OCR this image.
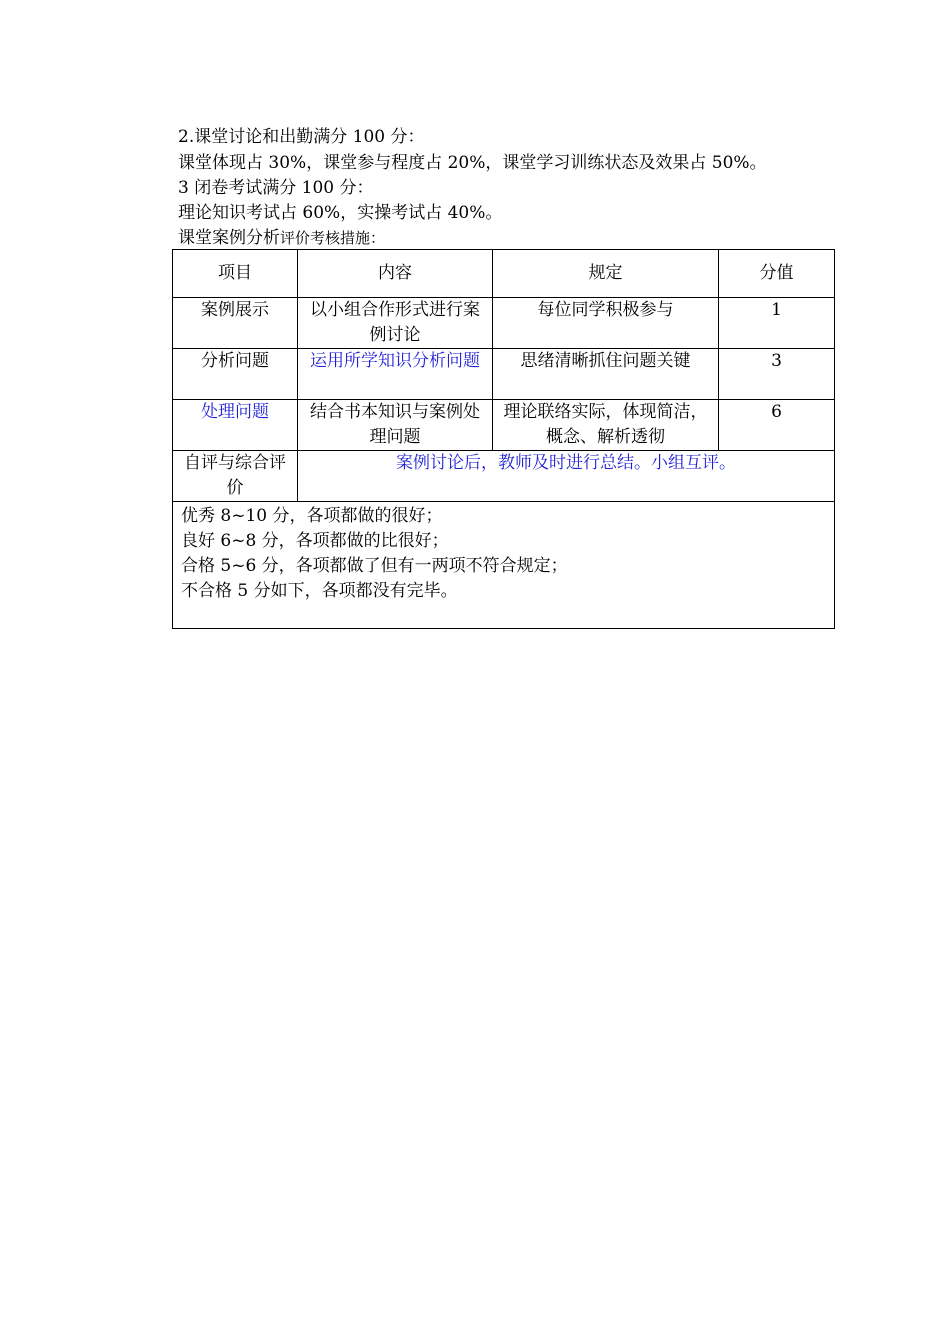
2.课堂讨论和出勤满分 100 分：
课堂体现占 30%，课堂参与程度占 20%，课堂学习训练状态及效果占 50%。
3 闭卷考试满分 100 分：
理论知识考试占 60%，实操考试占 40%。
课堂案例分析评价考核措施：
项目	内容	规定	分值
案例展示	以小组合作形式进行案例讨论	每位同学积极参与	1
分析问题	运用所学知识分析问题	思绪清晰抓住问题关键	3
处理问题	结合书本知识与案例处理问题	理论联络实际，体现简洁，概念、解析透彻	6
自评与综合评价	案例讨论后，教师及时进行总结。小组互评。		

优秀 8~10 分，各项都做的很好；
良好 6~8 分，各项都做的比很好；
合格 5~6 分，各项都做了但有一两项不符合规定；
不合格 5 分如下，各项都没有完毕。			
